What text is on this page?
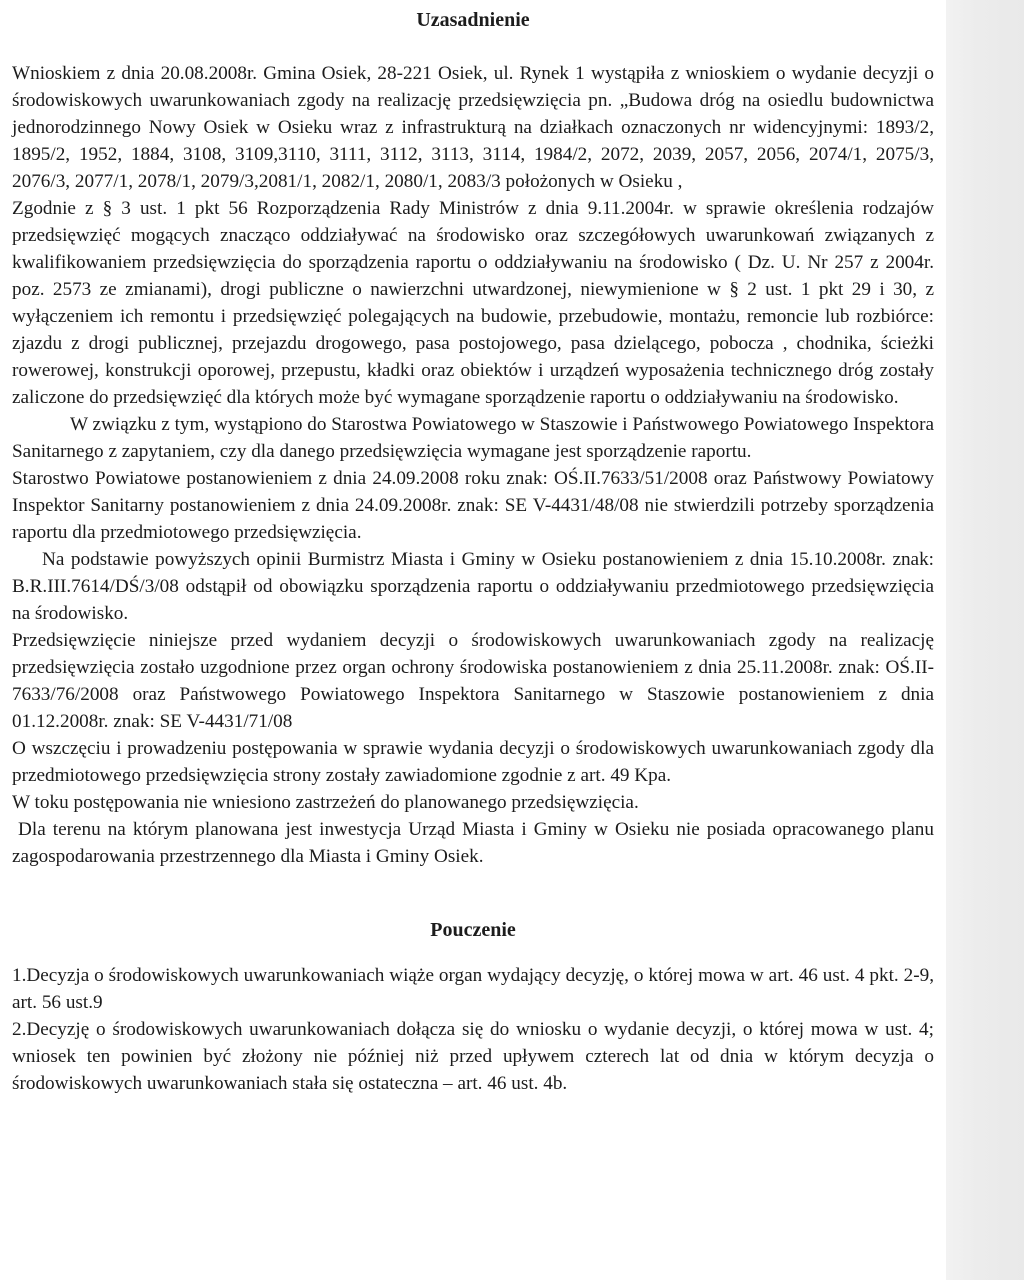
Uzasadnienie

Wnioskiem z dnia 20.08.2008r. Gmina Osiek, 28-221 Osiek, ul. Rynek 1 wystąpiła z wnioskiem o wydanie decyzji o środowiskowych uwarunkowaniach zgody na realizację przedsięwzięcia pn. „Budowa dróg na osiedlu budownictwa jednorodzinnego Nowy Osiek w Osieku wraz z infrastrukturą na działkach oznaczonych nr widencyjnymi: 1893/2, 1895/2, 1952, 1884, 3108, 3109,3110, 3111, 3112, 3113, 3114, 1984/2, 2072, 2039, 2057, 2056, 2074/1, 2075/3, 2076/3, 2077/1, 2078/1, 2079/3,2081/1, 2082/1, 2080/1, 2083/3 położonych w Osieku ,

Zgodnie z § 3 ust. 1 pkt 56 Rozporządzenia Rady Ministrów z dnia 9.11.2004r. w sprawie określenia rodzajów przedsięwzięć mogących znacząco oddziaływać na środowisko oraz szczegółowych uwarunkowań związanych z kwalifikowaniem przedsięwzięcia do sporządzenia raportu o oddziaływaniu na środowisko ( Dz. U. Nr 257 z 2004r. poz. 2573 ze zmianami), drogi publiczne o nawierzchni utwardzonej, niewymienione w § 2 ust. 1 pkt 29 i 30, z wyłączeniem ich remontu i przedsięwzięć polegających na budowie, przebudowie, montażu, remoncie lub rozbiórce: zjazdu z drogi publicznej, przejazdu drogowego, pasa postojowego, pasa dzielącego, pobocza , chodnika, ścieżki rowerowej, konstrukcji oporowej, przepustu, kładki oraz obiektów i urządzeń wyposażenia technicznego dróg zostały zaliczone do przedsięwzięć dla których może być wymagane sporządzenie raportu o oddziaływaniu na środowisko.

W związku z tym, wystąpiono do Starostwa Powiatowego w Staszowie i Państwowego Powiatowego Inspektora Sanitarnego z zapytaniem, czy dla danego przedsięwzięcia wymagane jest sporządzenie raportu.

Starostwo Powiatowe postanowieniem z dnia 24.09.2008 roku znak: OŚ.II.7633/51/2008 oraz Państwowy Powiatowy Inspektor Sanitarny postanowieniem z dnia 24.09.2008r. znak: SE V-4431/48/08 nie stwierdzili potrzeby sporządzenia raportu dla przedmiotowego przedsięwzięcia.

Na podstawie powyższych opinii Burmistrz Miasta i Gminy w Osieku postanowieniem z dnia 15.10.2008r. znak: B.R.III.7614/DŚ/3/08 odstąpił od obowiązku sporządzenia raportu o oddziaływaniu przedmiotowego przedsięwzięcia na środowisko.

Przedsięwzięcie niniejsze przed wydaniem decyzji o środowiskowych uwarunkowaniach zgody na realizację przedsięwzięcia zostało uzgodnione przez organ ochrony środowiska postanowieniem z dnia 25.11.2008r. znak: OŚ.II-7633/76/2008 oraz Państwowego Powiatowego Inspektora Sanitarnego w Staszowie postanowieniem z dnia 01.12.2008r. znak: SE V-4431/71/08

O wszczęciu i prowadzeniu postępowania w sprawie wydania decyzji o środowiskowych uwarunkowaniach zgody dla przedmiotowego przedsięwzięcia strony zostały zawiadomione zgodnie z art. 49 Kpa.

W toku postępowania nie wniesiono zastrzeżeń do planowanego przedsięwzięcia.

Dla terenu na którym planowana jest inwestycja Urząd Miasta i Gminy w Osieku nie posiada opracowanego planu zagospodarowania przestrzennego dla Miasta i Gminy Osiek.

Pouczenie

1.Decyzja o środowiskowych uwarunkowaniach wiąże organ wydający decyzję, o której mowa w art. 46 ust. 4 pkt. 2-9, art. 56 ust.9

2.Decyzję o środowiskowych uwarunkowaniach dołącza się do wniosku o wydanie decyzji, o której mowa w ust. 4; wniosek ten powinien być złożony nie później niż przed upływem czterech lat od dnia w którym decyzja o środowiskowych uwarunkowaniach stała się ostateczna – art. 46 ust. 4b.
